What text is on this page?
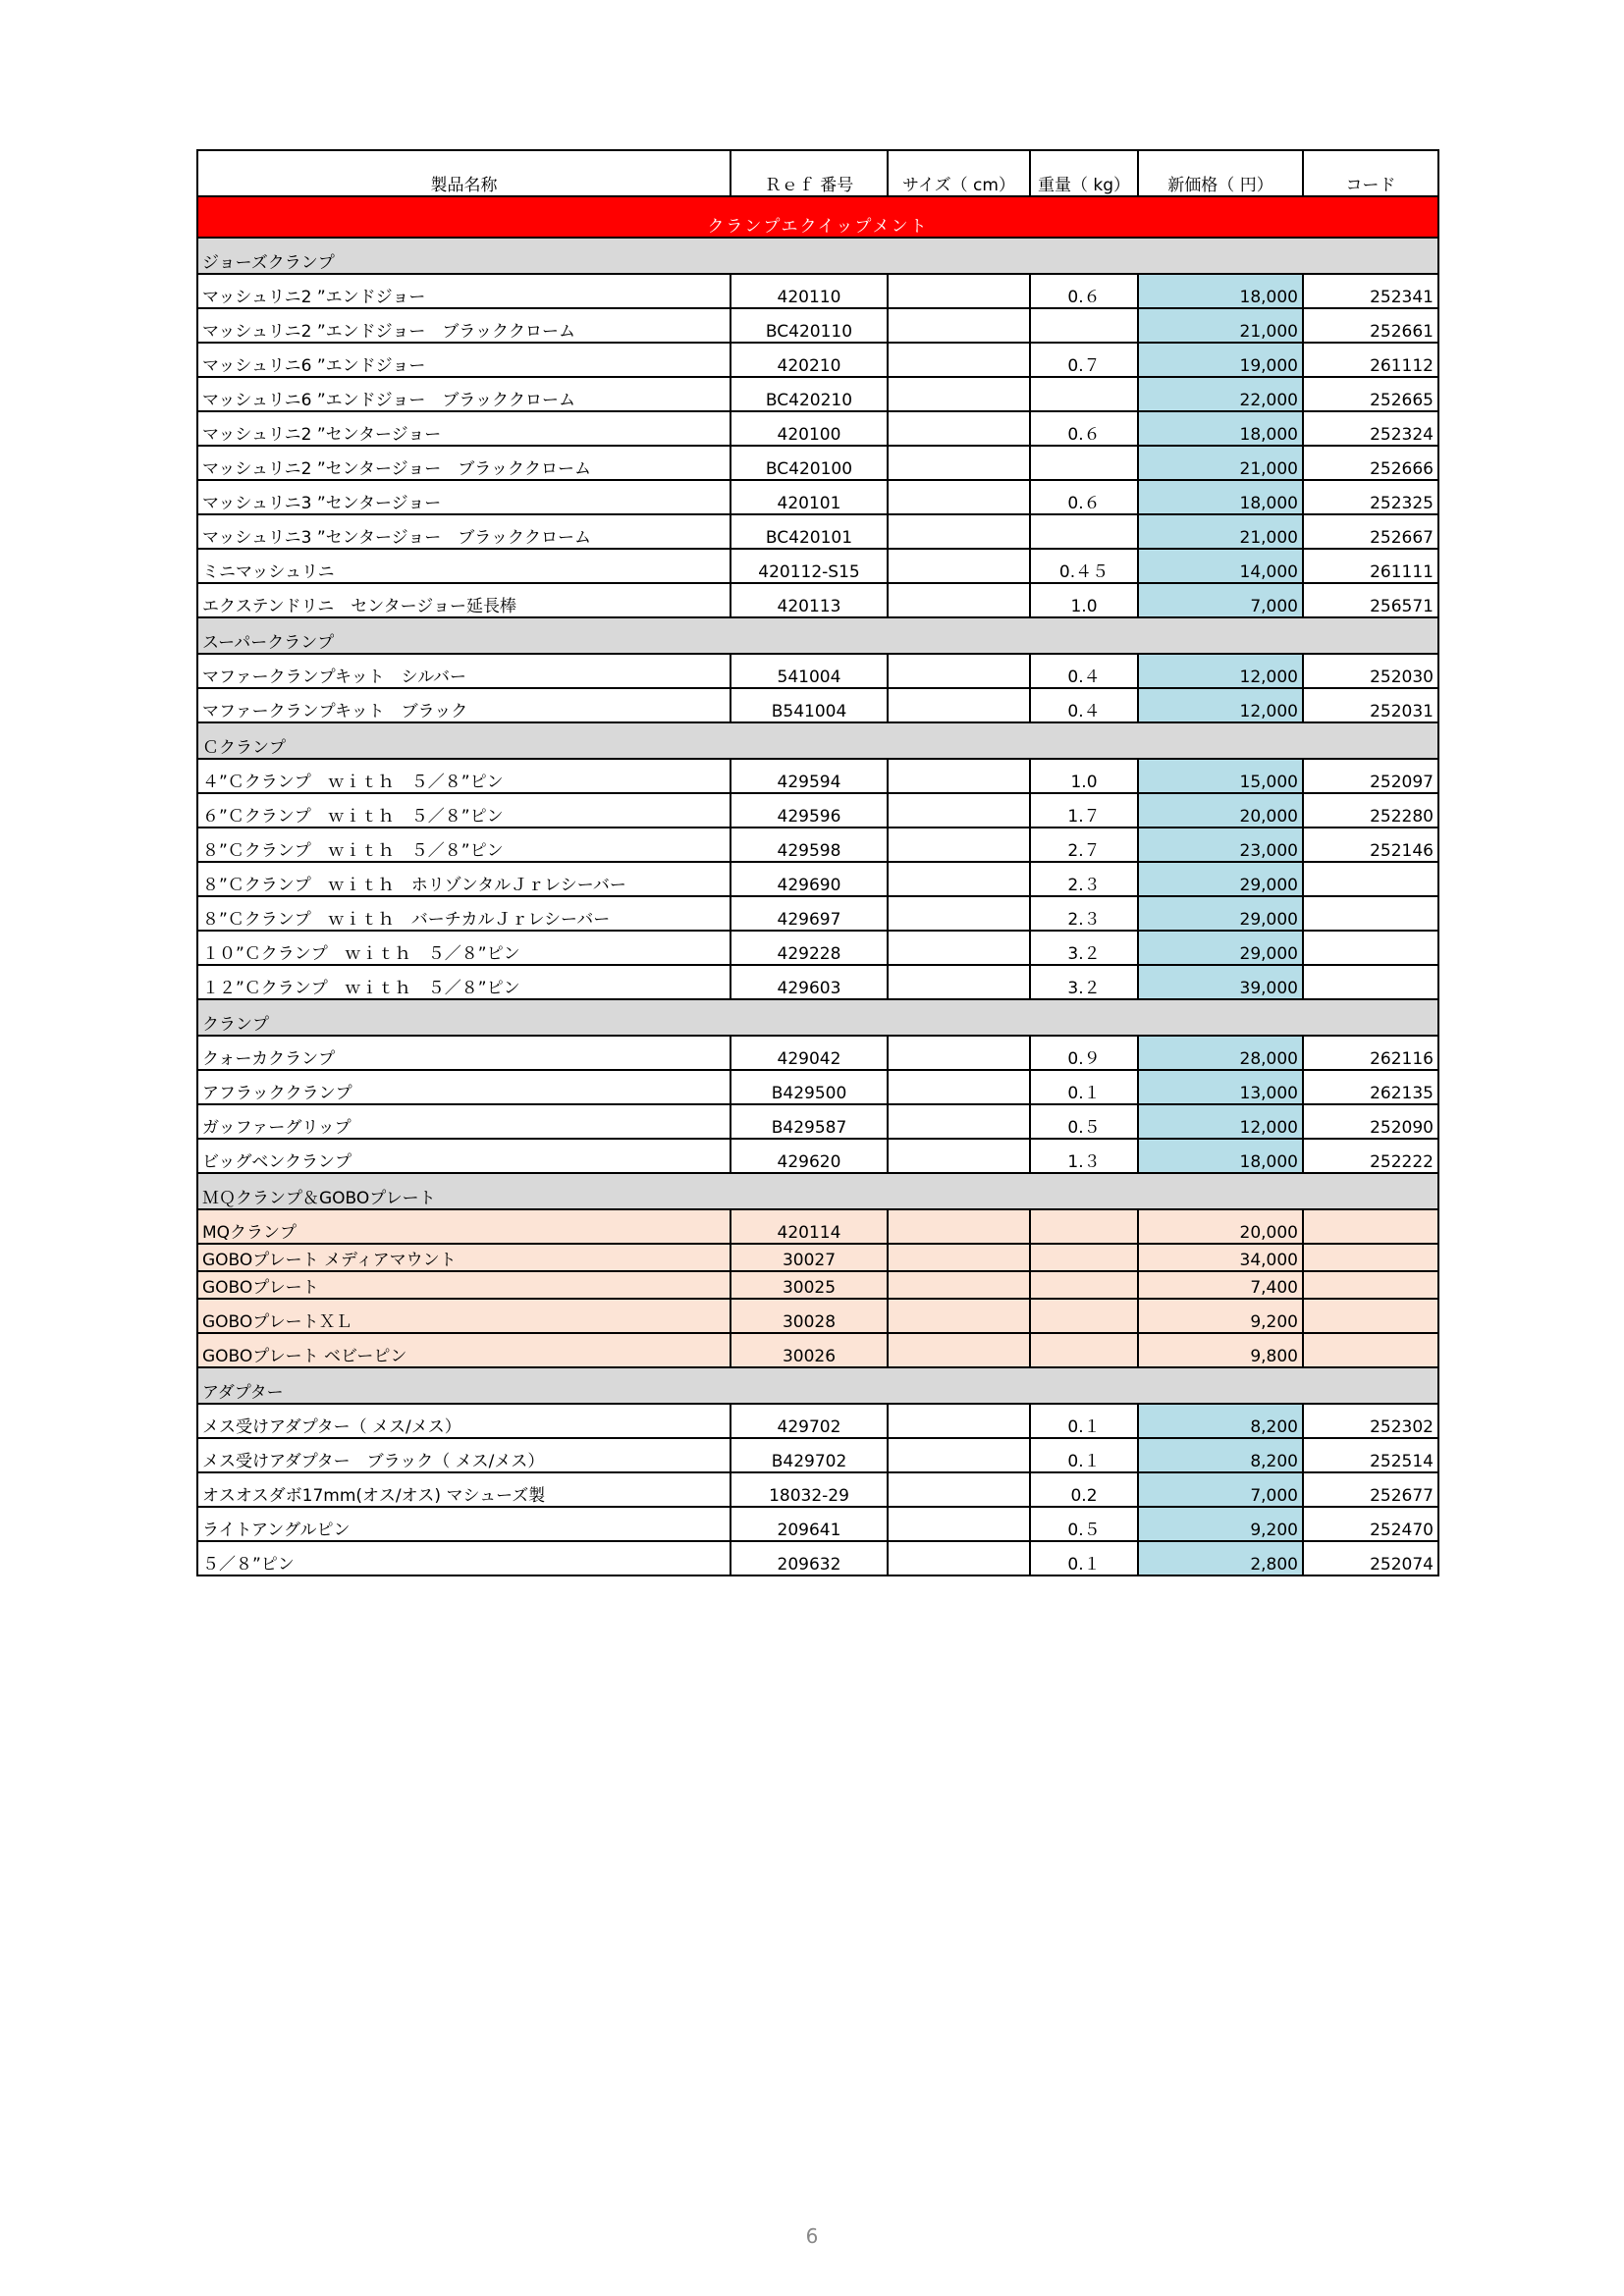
製品名称	Ｒｅｆ 番号	サイズ（ cm）	重量（ kg）	新価格（ 円）	コード
クランプエクイップメント					
ジョーズクランプ					
マッシュリニ2 ”エンドジョー	420110		0.６	18,000	252341
マッシュリニ2 ”エンドジョー　ブラッククローム	BC420110			21,000	252661
マッシュリニ6 ”エンドジョー	420210		0.７	19,000	261112
マッシュリニ6 ”エンドジョー　ブラッククローム	BC420210			22,000	252665
マッシュリニ2 ”センタージョー	420100		0.６	18,000	252324
マッシュリニ2 ”センタージョー　ブラッククローム	BC420100			21,000	252666
マッシュリニ3 ”センタージョー	420101		0.６	18,000	252325
マッシュリニ3 ”センタージョー　ブラッククローム	BC420101			21,000	252667
ミニマッシュリニ	420112-S15		0.４５	14,000	261111
エクステンドリニ　センタージョー延長棒	420113		1.0	7,000	256571
スーパークランプ					
マファークランプキット　シルバー	541004		0.４	12,000	252030
マファークランプキット　ブラック	B541004		0.４	12,000	252031
Ｃクランプ					
４”Ｃクランプ　ｗｉｔｈ　５／８”ピン	429594		1.0	15,000	252097
６”Ｃクランプ　ｗｉｔｈ　５／８”ピン	429596		1.７	20,000	252280
８”Ｃクランプ　ｗｉｔｈ　５／８”ピン	429598		2.７	23,000	252146
８”Ｃクランプ　ｗｉｔｈ　ホリゾンタルＪｒレシーバー	429690		2.３	29,000	
８”Ｃクランプ　ｗｉｔｈ　バーチカルＪｒレシーバー	429697		2.３	29,000	
１０”Ｃクランプ　ｗｉｔｈ　５／８”ピン	429228		3.２	29,000	
１２”Ｃクランプ　ｗｉｔｈ　５／８”ピン	429603		3.２	39,000	
クランプ					
クォーカクランプ	429042		0.９	28,000	262116
アフラッククランプ	B429500		0.１	13,000	262135
ガッファーグリップ	B429587		0.５	12,000	252090
ビッグベンクランプ	429620		1.３	18,000	252222
ＭＱクランプ＆GOBOプレート					
MQクランプ	420114			20,000	
GOBOプレート メディアマウント	30027			34,000	
GOBOプレート	30025			7,400	
GOBOプレートＸＬ	30028			9,200	
GOBOプレート ベビーピン	30026			9,800	
アダプター					
メス受けアダプター（ メス/メス）	429702		0.１	8,200	252302
メス受けアダプター　ブラック（ メス/メス）	B429702		0.１	8,200	252514
オスオスダボ17mm(オス/オス) マシューズ製	18032-29		0.2	7,000	252677
ライトアングルピン	209641		0.５	9,200	252470
５／８”ピン	209632		0.１	2,800	252074
6
